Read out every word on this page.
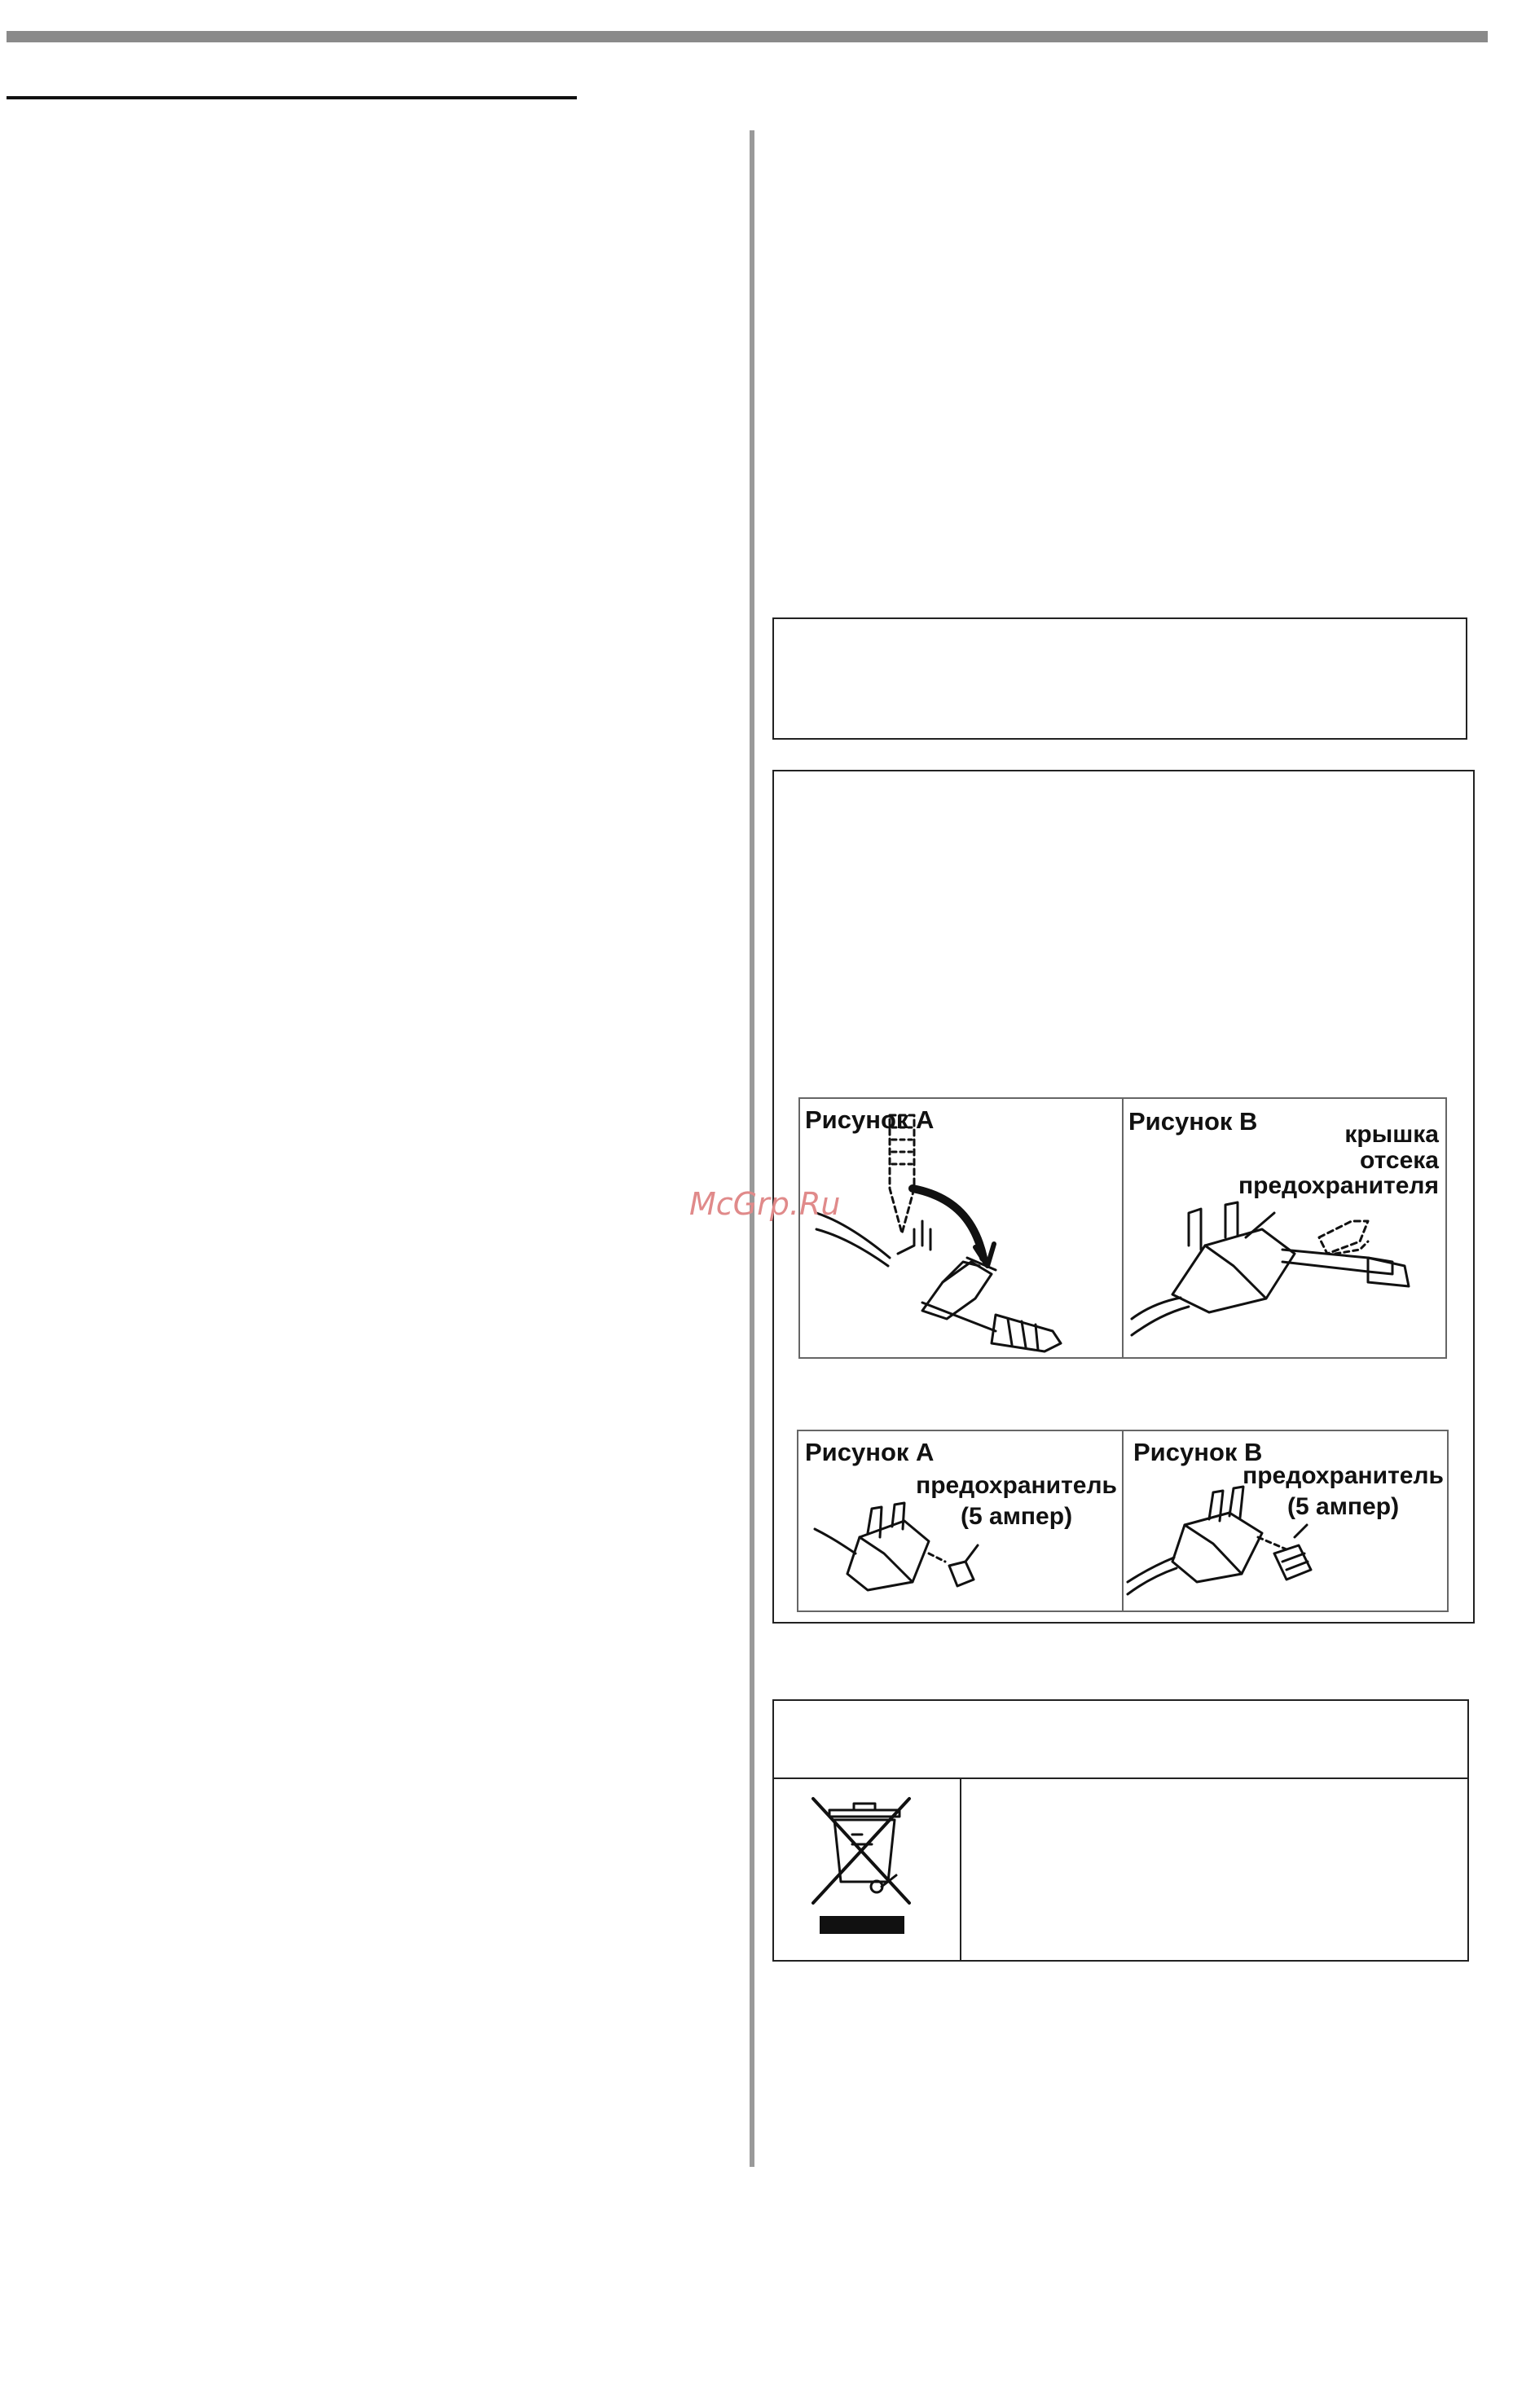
Рисунок А	Рисунок В	крышка
отсека
предохранителя
McGrp.Ru
Рисунок А
предохранитель
(5 ампер)
Рисунок В
предохранитель
(5 ампер)
